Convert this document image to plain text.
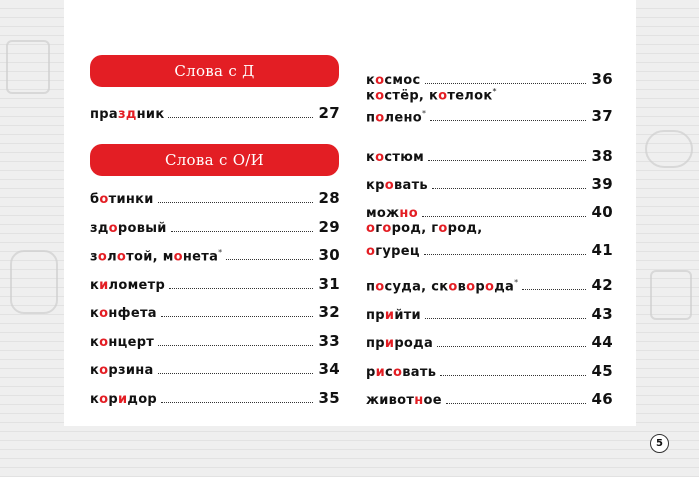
Слова с Д
Слова с О/И
праздник	27
ботинки	28
здоровый	29
золотой, монета*	30
километр	31
конфета	32
концерт	33
корзина	34
коридор	35
космос	36
костёр, котелок*
полено*	37
костюм	38
кровать	39
можно	40
огород, город,
огурец	41
посуда, сковорода*	42
прийти	43
природа	44
рисовать	45
животное	46
5
